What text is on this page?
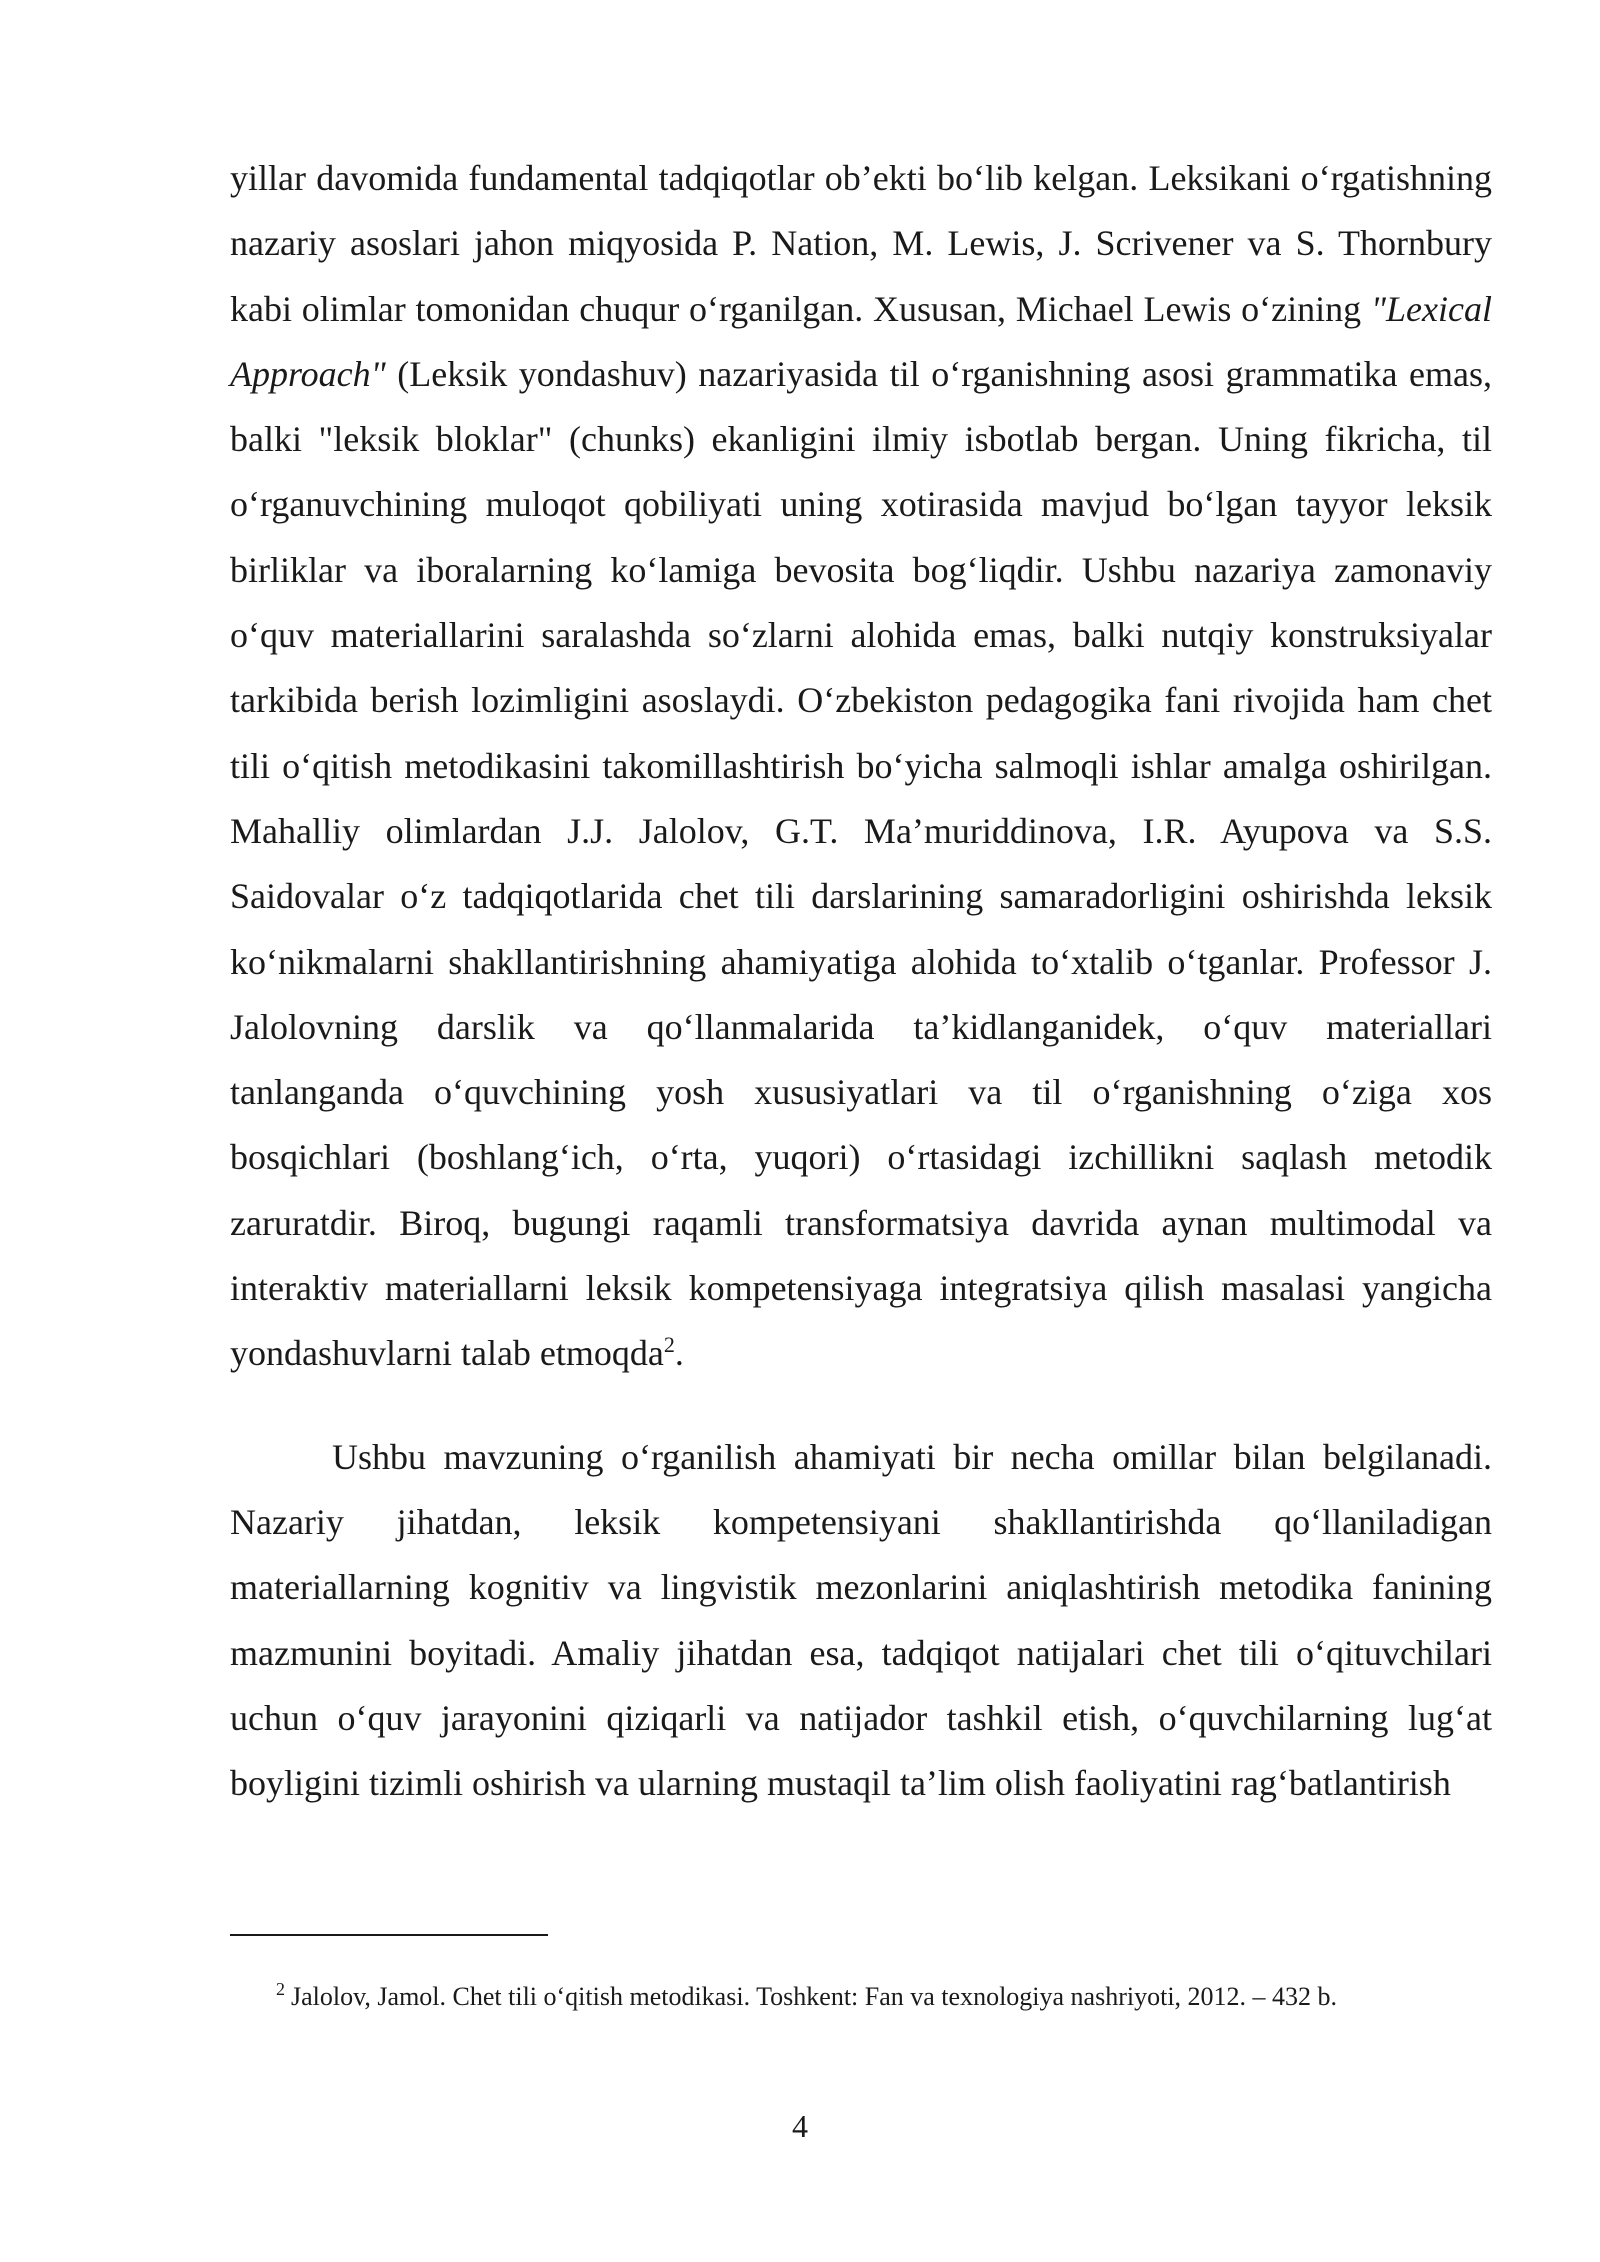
yillar davomida fundamental tadqiqotlar ob’ekti bo‘lib kelgan. Leksikani o‘rgatishning nazariy asoslari jahon miqyosida P. Nation, M. Lewis, J. Scrivener va S. Thornbury kabi olimlar tomonidan chuqur o‘rganilgan. Xususan, Michael Lewis o‘zining "Lexical Approach" (Leksik yondashuv) nazariyasida til o‘rganishning asosi grammatika emas, balki "leksik bloklar" (chunks) ekanligini ilmiy isbotlab bergan. Uning fikricha, til o‘rganuvchining muloqot qobiliyati uning xotirasida mavjud bo‘lgan tayyor leksik birliklar va iboralarning ko‘lamiga bevosita bog‘liqdir. Ushbu nazariya zamonaviy o‘quv materiallarini saralashda so‘zlarni alohida emas, balki nutqiy konstruksiyalar tarkibida berish lozimligini asoslaydi. O‘zbekiston pedagogika fani rivojida ham chet tili o‘qitish metodikasini takomillashtirish bo‘yicha salmoqli ishlar amalga oshirilgan. Mahalliy olimlardan J.J. Jalolov, G.T. Ma’muriddinova, I.R. Ayupova va S.S. Saidovalar o‘z tadqiqotlarida chet tili darslarining samaradorligini oshirishda leksik ko‘nikmalarni shakllantirishning ahamiyatiga alohida to‘xtalib o‘tganlar. Professor J. Jalolovning darslik va qo‘llanmalarida ta’kidlanganidek, o‘quv materiallari tanlanganda o‘quvchining yosh xususiyatlari va til o‘rganishning o‘ziga xos bosqichlari (boshlang‘ich, o‘rta, yuqori) o‘rtasidagi izchillikni saqlash metodik zaruratdir. Biroq, bugungi raqamli transformatsiya davrida aynan multimodal va interaktiv materiallarni leksik kompetensiyaga integratsiya qilish masalasi yangicha yondashuvlarni talab etmoqda$^2$.

Ushbu mavzuning o‘rganilish ahamiyati bir necha omillar bilan belgilanadi. Nazariy jihatdan, leksik kompetensiyani shakllantirishda qo‘llaniladigan materiallarning kognitiv va lingvistik mezonlarini aniqlashtirish metodika fanining mazmunini boyitadi. Amaliy jihatdan esa, tadqiqot natijalari chet tili o‘qituvchilari uchun o‘quv jarayonini qiziqarli va natijador tashkil etish, o‘quvchilarning lug‘at boyligini tizimli oshirish va ularning mustaqil ta’lim olish faoliyatini rag‘batlantirish

$^2$ Jalolov, Jamol. Chet tili o‘qitish metodikasi. Toshkent: Fan va texnologiya nashriyoti, 2012. – 432 b.
4
